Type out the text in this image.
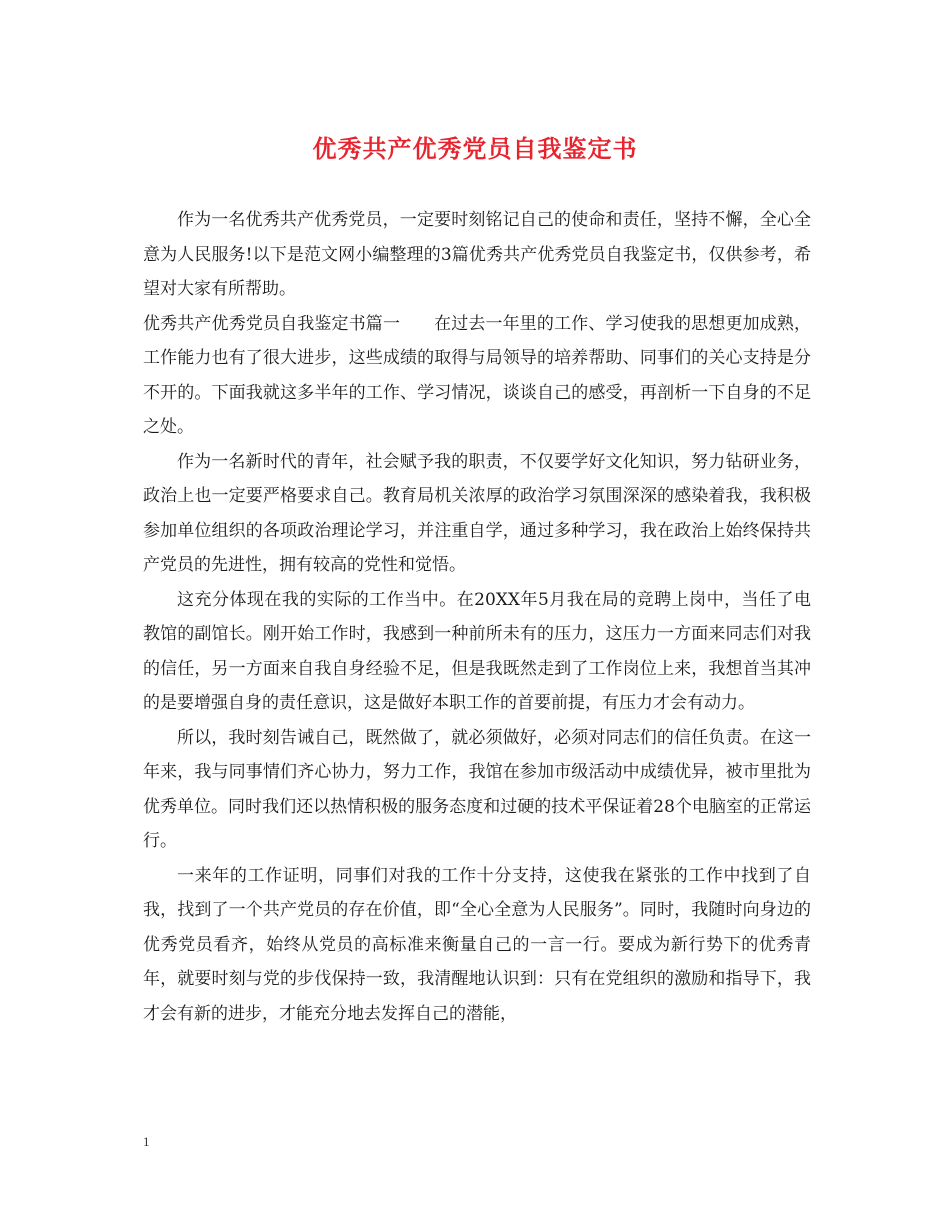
优秀共产优秀党员自我鉴定书

作为一名优秀共产优秀党员，一定要时刻铭记自己的使命和责任，坚持不懈，全心全意为人民服务!以下是范文网小编整理的3篇优秀共产优秀党员自我鉴定书，仅供参考，希望对大家有所帮助。

优秀共产优秀党员自我鉴定书篇一 在过去一年里的工作、学习使我的思想更加成熟，工作能力也有了很大进步，这些成绩的取得与局领导的培养帮助、同事们的关心支持是分不开的。下面我就这多半年的工作、学习情况，谈谈自己的感受，再剖析一下自身的不足之处。

作为一名新时代的青年，社会赋予我的职责，不仅要学好文化知识，努力钻研业务，政治上也一定要严格要求自己。教育局机关浓厚的政治学习氛围深深的感染着我，我积极参加单位组织的各项政治理论学习，并注重自学，通过多种学习，我在政治上始终保持共产党员的先进性，拥有较高的党性和觉悟。

这充分体现在我的实际的工作当中。在20XX年5月我在局的竞聘上岗中，当任了电教馆的副馆长。刚开始工作时，我感到一种前所未有的压力，这压力一方面来同志们对我的信任，另一方面来自我自身经验不足，但是我既然走到了工作岗位上来，我想首当其冲的是要增强自身的责任意识，这是做好本职工作的首要前提，有压力才会有动力。

所以，我时刻告诫自己，既然做了，就必须做好，必须对同志们的信任负责。在这一年来，我与同事情们齐心协力，努力工作，我馆在参加市级活动中成绩优异，被市里批为优秀单位。同时我们还以热情积极的服务态度和过硬的技术平保证着28个电脑室的正常运行。

一来年的工作证明，同事们对我的工作十分支持，这使我在紧张的工作中找到了自我，找到了一个共产党员的存在价值，即“全心全意为人民服务”。同时，我随时向身边的优秀党员看齐，始终从党员的高标准来衡量自己的一言一行。要成为新行势下的优秀青年，就要时刻与党的步伐保持一致，我清醒地认识到：只有在党组织的激励和指导下，我才会有新的进步，才能充分地去发挥自己的潜能，

1
